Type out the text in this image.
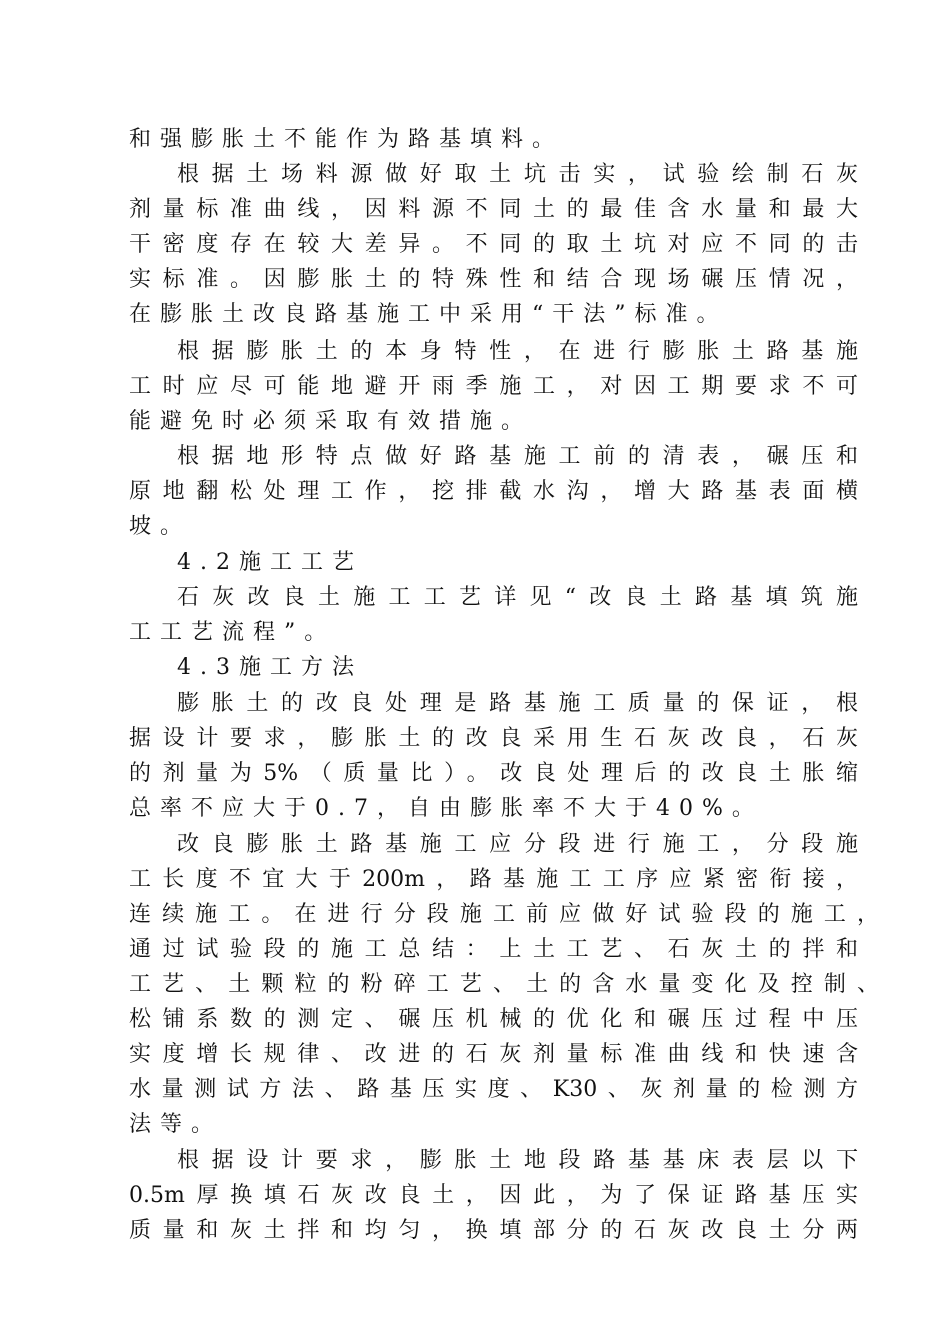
和强膨胀土不能作为路基填料。
根据土场料源做好取土坑击实，试验绘制石灰
剂量标准曲线，因料源不同土的最佳含水量和最大
干密度存在较大差异。不同的取土坑对应不同的击
实标准。因膨胀土的特殊性和结合现场碾压情况，
在膨胀土改良路基施工中采用“干法”标准。
根据膨胀土的本身特性，在进行膨胀土路基施
工时应尽可能地避开雨季施工，对因工期要求不可
能避免时必须采取有效措施。
根据地形特点做好路基施工前的清表，碾压和
原地翻松处理工作，挖排截水沟，增大路基表面横
坡。
4.2施工工艺
石灰改良土施工工艺详见“改良土路基填筑施
工工艺流程”。
4.3施工方法
膨胀土的改良处理是路基施工质量的保证，根
据设计要求，膨胀土的改良采用生石灰改良，石灰
的剂量为5%（质量比）。改良处理后的改良土胀缩
总率不应大于0.7，自由膨胀率不大于40%。
改良膨胀土路基施工应分段进行施工，分段施
工长度不宜大于200m，路基施工工序应紧密衔接，
连续施工。在进行分段施工前应做好试验段的施工，
通过试验段的施工总结：上土工艺、石灰土的拌和
工艺、土颗粒的粉碎工艺、土的含水量变化及控制、
松铺系数的测定、碾压机械的优化和碾压过程中压
实度增长规律、改进的石灰剂量标准曲线和快速含
水量测试方法、路基压实度、K30、灰剂量的检测方
法等。
根据设计要求，膨胀土地段路基基床表层以下
0.5m厚换填石灰改良土，因此，为了保证路基压实
质量和灰土拌和均匀，换填部分的石灰改良土分两
